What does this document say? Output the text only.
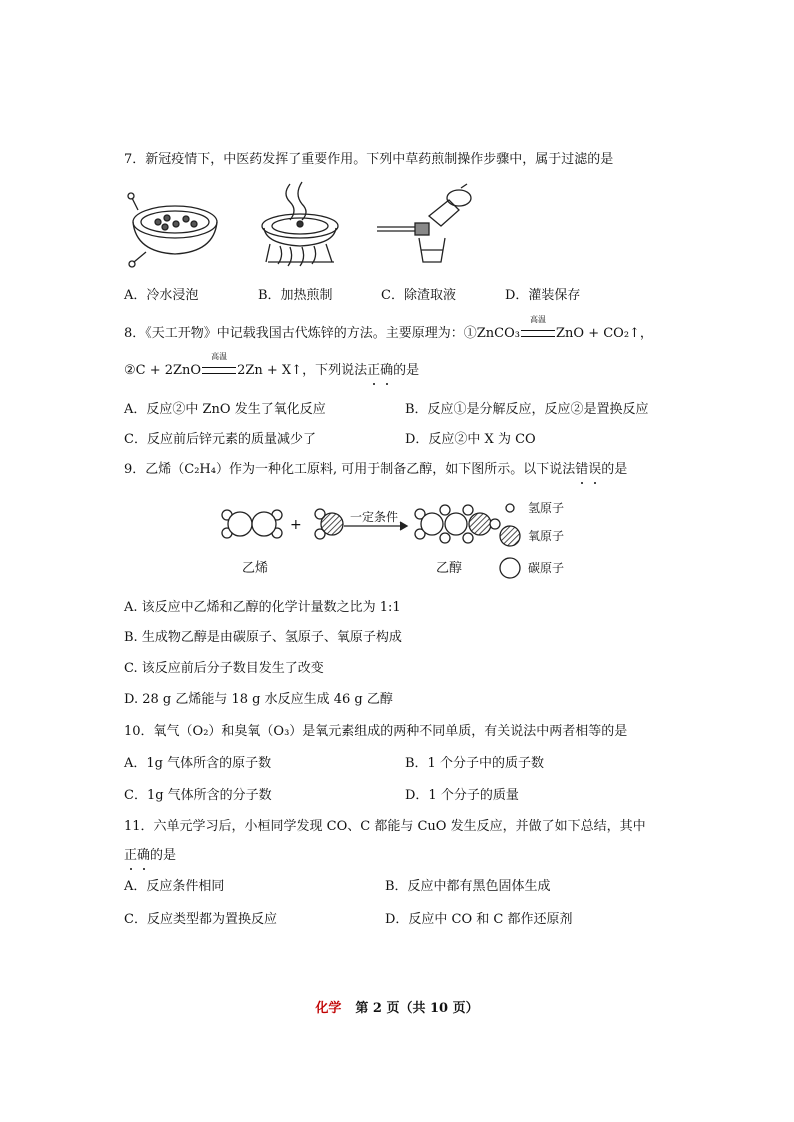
7．新冠疫情下，中医药发挥了重要作用。下列中草药煎制操作步骤中，属于过滤的是
A．冷水浸泡	B．加热煎制	C．除渣取液	D．灌装保存
8．《天工开物》中记载我国古代炼锌的方法。主要原理为：①ZnCO₃
高温
ZnO + CO₂↑，
②C + 2ZnO
高温
2Zn + X↑，下列说法正确的是
A．反应②中 ZnO 发生了氧化反应	B．反应①是分解反应，反应②是置换反应
C．反应前后锌元素的质量减少了	D．反应②中 X 为 CO
9．乙烯（C₂H₄）作为一种化工原料, 可用于制备乙醇，如下图所示。以下说法错误的是
+	一定条件
乙烯	乙醇
氢原子
氧原子
碳原子
A. 该反应中乙烯和乙醇的化学计量数之比为 1:1
B. 生成物乙醇是由碳原子、氢原子、氧原子构成
C. 该反应前后分子数目发生了改变
D. 28 g 乙烯能与 18 g 水反应生成 46 g 乙醇
10．氧气（O₂）和臭氧（O₃）是氧元素组成的两种不同单质，有关说法中两者相等的是
A．1g 气体所含的原子数	B．1 个分子中的质子数
C．1g 气体所含的分子数	D．1 个分子的质量
11．六单元学习后，小桓同学发现 CO、C 都能与 CuO 发生反应，并做了如下总结，其中
正确的是
A．反应条件相同	B．反应中都有黑色固体生成
C．反应类型都为置换反应	D．反应中 CO 和 C 都作还原剂
化学 第 2 页（共 10 页）
